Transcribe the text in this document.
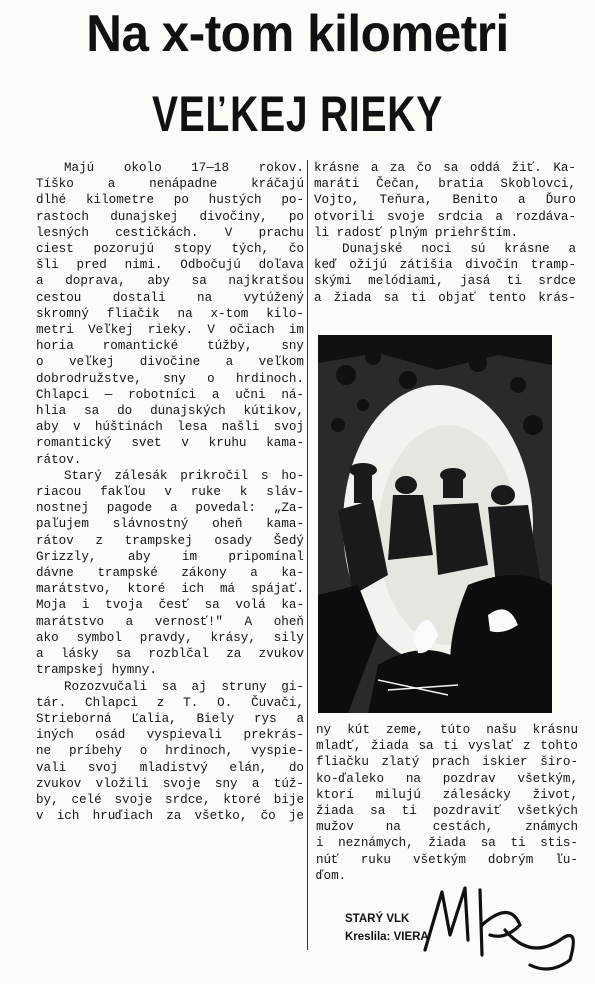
Na x-tom kilometri
VEĽKEJ RIEKY

Majú okolo 17—18 rokov.
Tíško a nenápadne kráčajú
dlhé kilometre po hustých po-
rastoch dunajskej divočiny, po
lesných cestičkách. V prachu
ciest pozorujú stopy tých, čo
šli pred nimi. Odbočujú doľava
a doprava, aby sa najkratšou
cestou dostali na vytúžený
skromný fliačik na x-tom kilo-
metri Veľkej rieky. V očiach im
horia romantické túžby, sny
o veľkej divočine a veľkom
dobrodružstve, sny o hrdinoch.
Chlapci — robotníci a učni ná-
hlia sa do dunajských kútikov,
aby v húštinách lesa našli svoj
romantický svet v kruhu kama-
rátov.

Starý zálesák prikročil s ho-
riacou fakľou v ruke k sláv-
nostnej pagode a povedal: „Za-
paľujem slávnostný oheň kama-
rátov z trampskej osady Šedý
Grizzly, aby im pripomínal
dávne trampské zákony a ka-
marátstvo, ktoré ich má spájať.
Moja i tvoja česť sa volá ka-
marátstvo a vernosť!" A oheň
ako symbol pravdy, krásy, sily
a lásky sa rozblčal za zvukov
trampskej hymny.

Rozozvučali sa aj struny gi-
tár. Chlapci z T. O. Čuvači,
Strieborná Ľalia, Biely rys a
iných osád vyspievali prekrás-
ne príbehy o hrdinoch, vyspie-
vali svoj mladistvý elán, do
zvukov vložili svoje sny a túž-
by, celé svoje srdce, ktoré bije
v ich hruďiach za všetko, čo je

krásne a za čo sa oddá žiť. Ka-
maráti Čečan, bratia Skoblovci,
Vojto, Teňura, Benito a Ďuro
otvorili svoje srdcia a rozdáva-
li radosť plným priehrštím.

Dunajské noci sú krásne a
keď ožijú zátišia divočín tramp-
skými melódiami, jasá ti srdce
a žiada sa ti objať tento krás-

ny kút zeme, túto našu krásnu
mladť, žiada sa ti vyslať z tohto
fliačku zlatý prach iskier širo-
ko-ďaleko na pozdrav všetkým,
ktorí milujú zálesácky život,
žiada sa ti pozdraviť všetkých
mužov na cestách, známych
i neznámych, žiada sa ti stis-
núť ruku všetkým dobrým ľu-
ďom.

STARÝ VLK
Kreslila: VIERA
